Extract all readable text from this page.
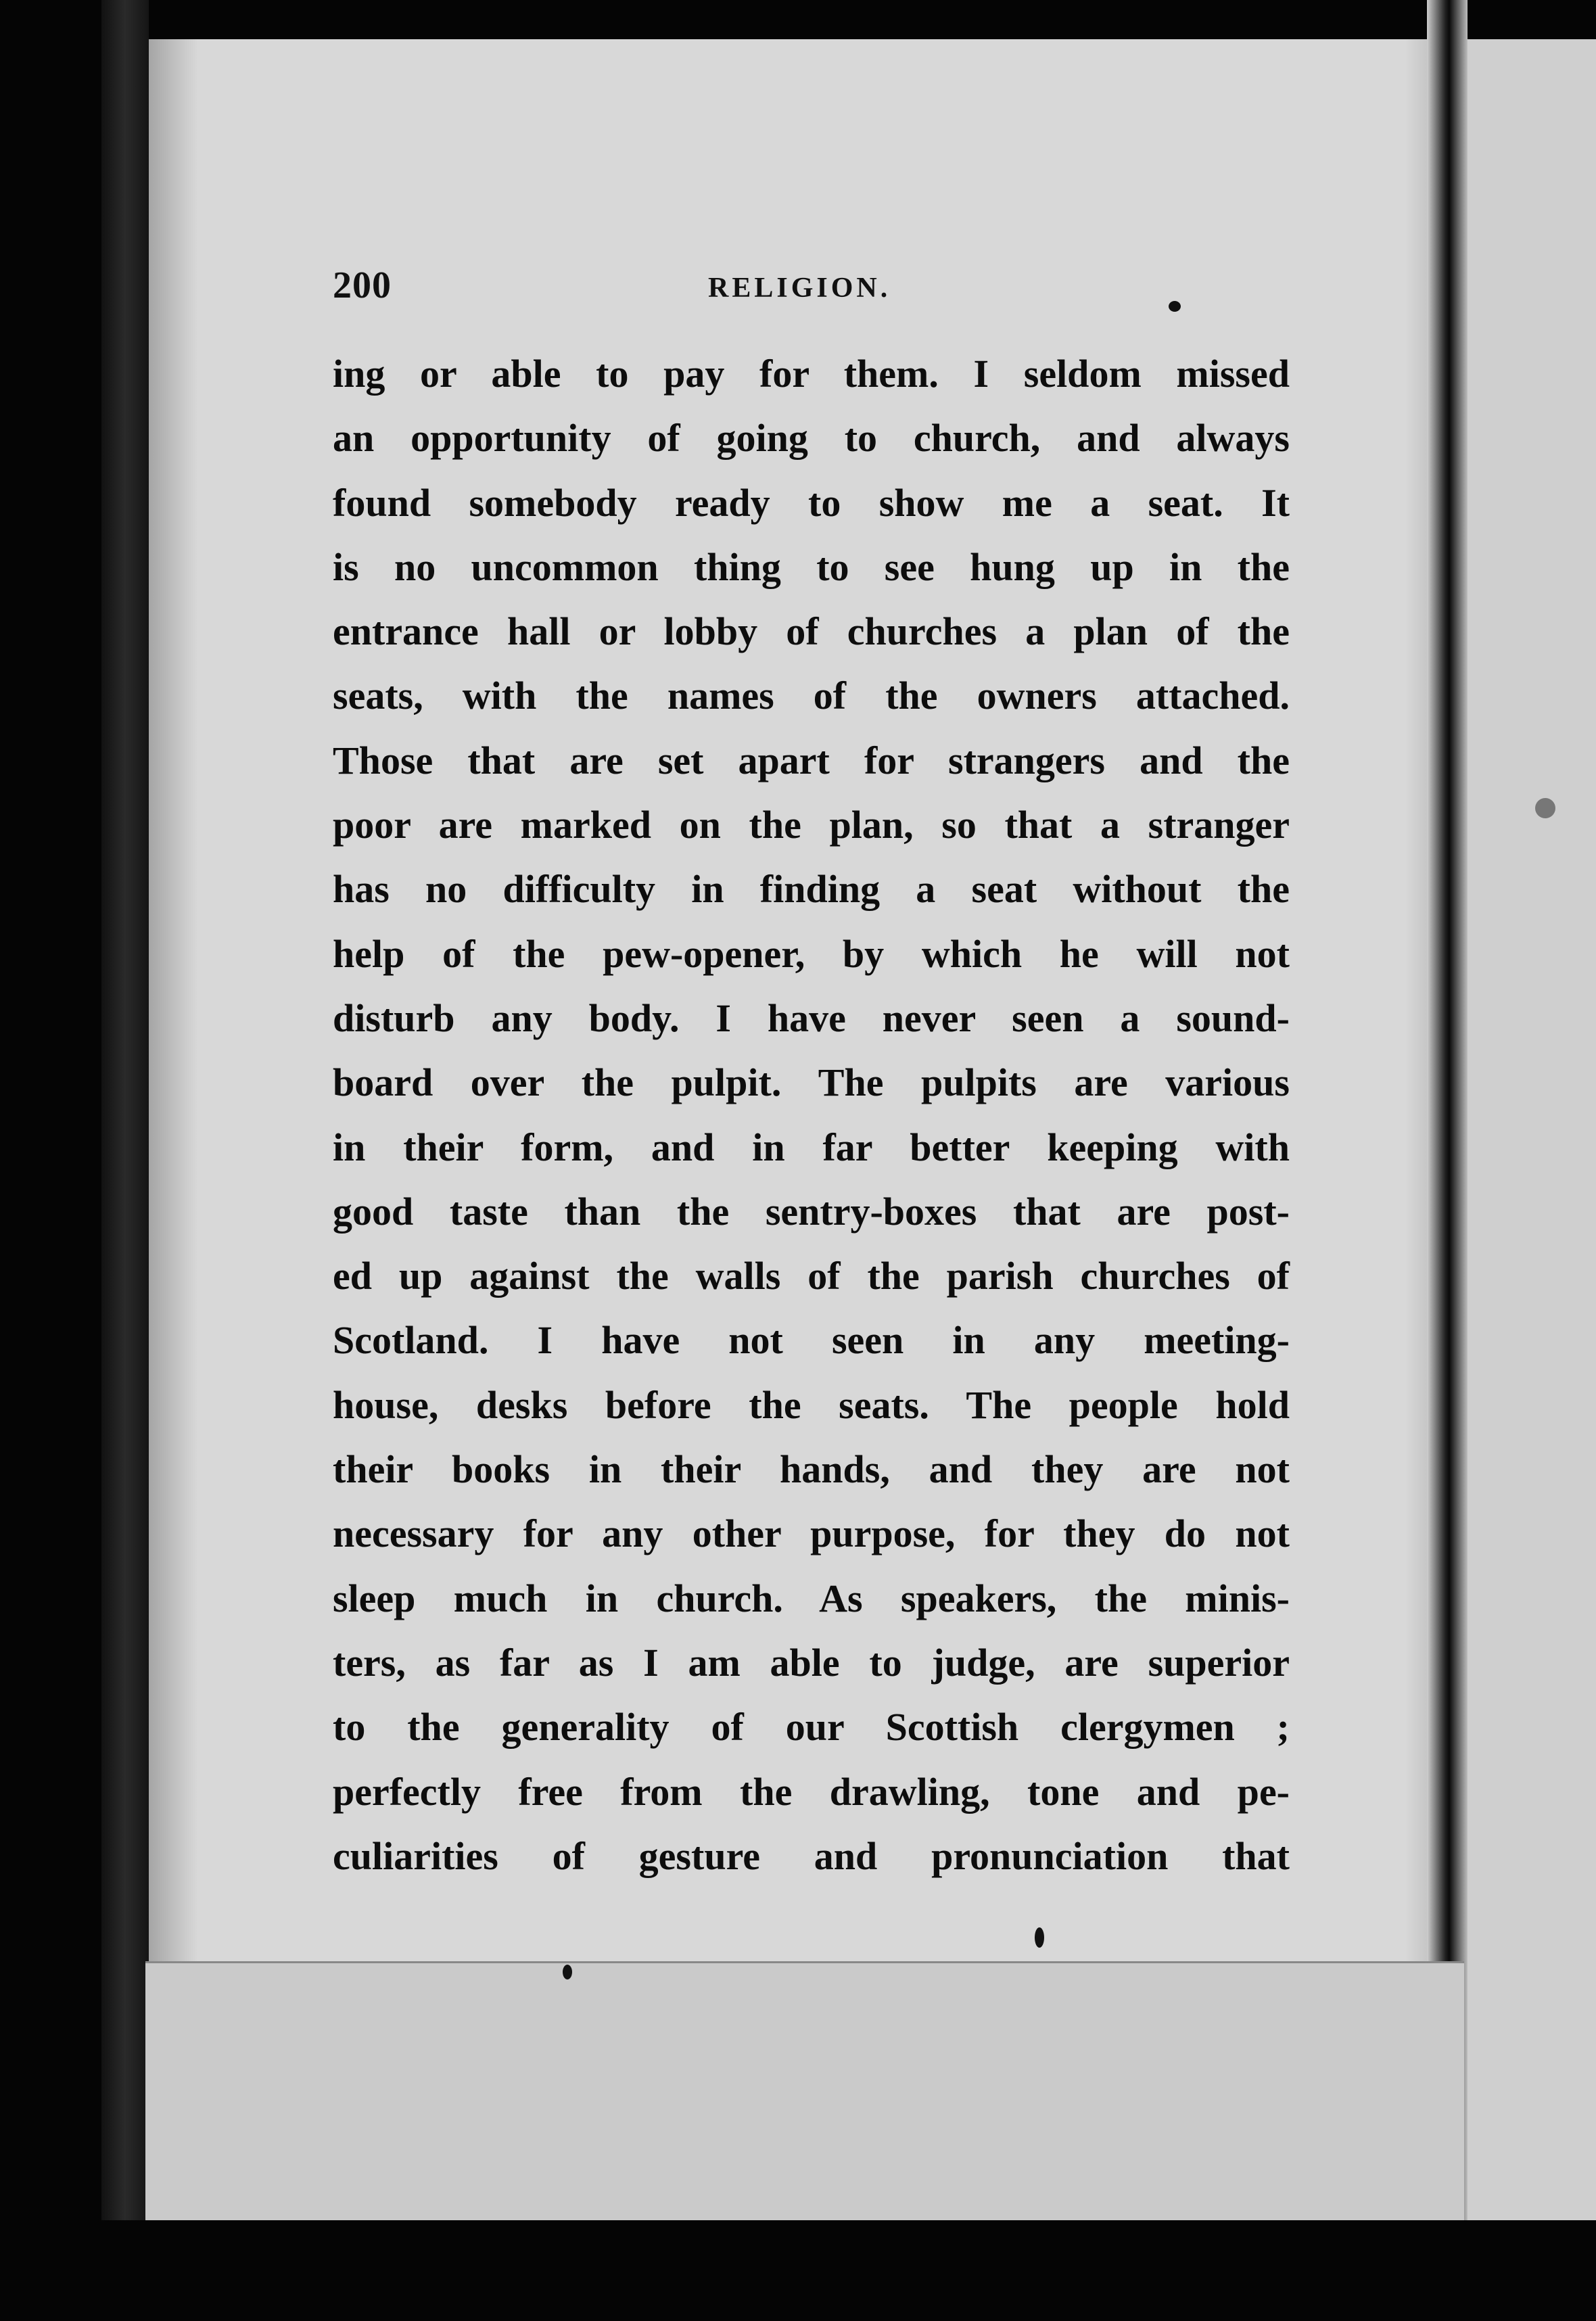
200	RELIGION.
ing or able to pay for them. I seldom missed
an opportunity of going to church, and always
found somebody ready to show me a seat. It
is no uncommon thing to see hung up in the
entrance hall or lobby of churches a plan of the
seats, with the names of the owners attached.
Those that are set apart for strangers and the
poor are marked on the plan, so that a stranger
has no difficulty in finding a seat without the
help of the pew-opener, by which he will not
disturb any body. I have never seen a sound-
board over the pulpit. The pulpits are various
in their form, and in far better keeping with
good taste than the sentry-boxes that are post-
ed up against the walls of the parish churches of
Scotland. I have not seen in any meeting-
house, desks before the seats. The people hold
their books in their hands, and they are not
necessary for any other purpose, for they do not
sleep much in church. As speakers, the minis-
ters, as far as I am able to judge, are superior
to the generality of our Scottish clergymen ;
perfectly free from the drawling, tone and pe-
culiarities of gesture and pronunciation that
